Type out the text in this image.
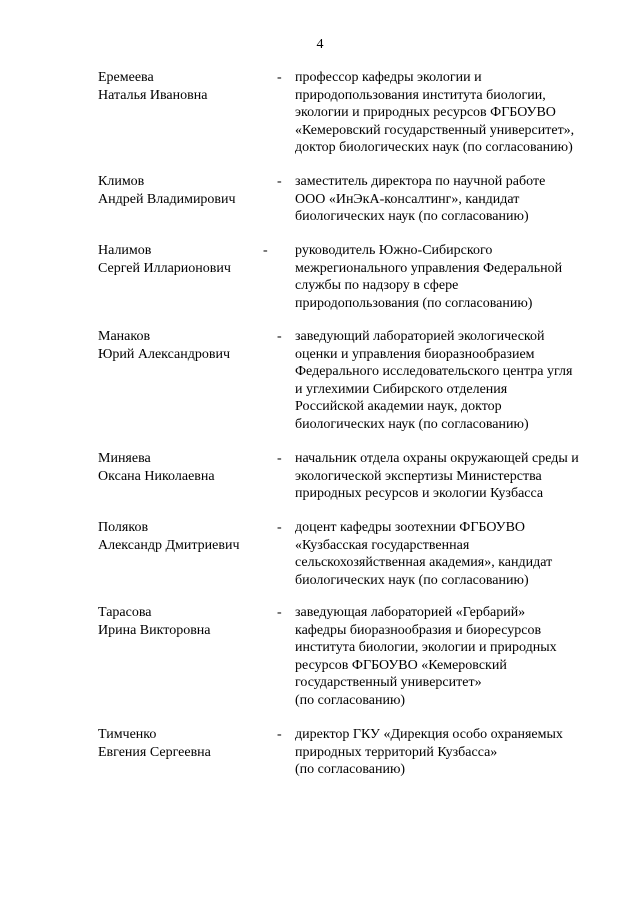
4
Еремеева
Наталья Ивановна
- профессор кафедры экологии и
природопользования института биологии,
экологии и природных ресурсов ФГБОУВО
«Кемеровский государственный университет»,
доктор биологических наук (по согласованию)
Климов
Андрей Владимирович
- заместитель директора по научной работе
ООО «ИнЭкА-консалтинг», кандидат
биологических наук (по согласованию)
Налимов
Сергей Илларионович
- руководитель Южно-Сибирского
межрегионального управления Федеральной
службы по надзору в сфере
природопользования (по согласованию)
Манаков
Юрий Александрович
- заведующий лабораторией экологической
оценки и управления биоразнообразием
Федерального исследовательского центра угля
и углехимии Сибирского отделения
Российской академии наук, доктор
биологических наук (по согласованию)
Миняева
Оксана Николаевна
- начальник отдела охраны окружающей среды и
экологической экспертизы Министерства
природных ресурсов и экологии Кузбасса
Поляков
Александр Дмитриевич
- доцент кафедры зоотехнии ФГБОУВО
«Кузбасская государственная
сельскохозяйственная академия», кандидат
биологических наук (по согласованию)
Тарасова
Ирина Викторовна
- заведующая лабораторией «Гербарий»
кафедры биоразнообразия и биоресурсов
института биологии, экологии и природных
ресурсов ФГБОУВО «Кемеровский
государственный университет»
(по согласованию)
Тимченко
Евгения Сергеевна
- директор ГКУ «Дирекция особо охраняемых
природных территорий Кузбасса»
(по согласованию)
